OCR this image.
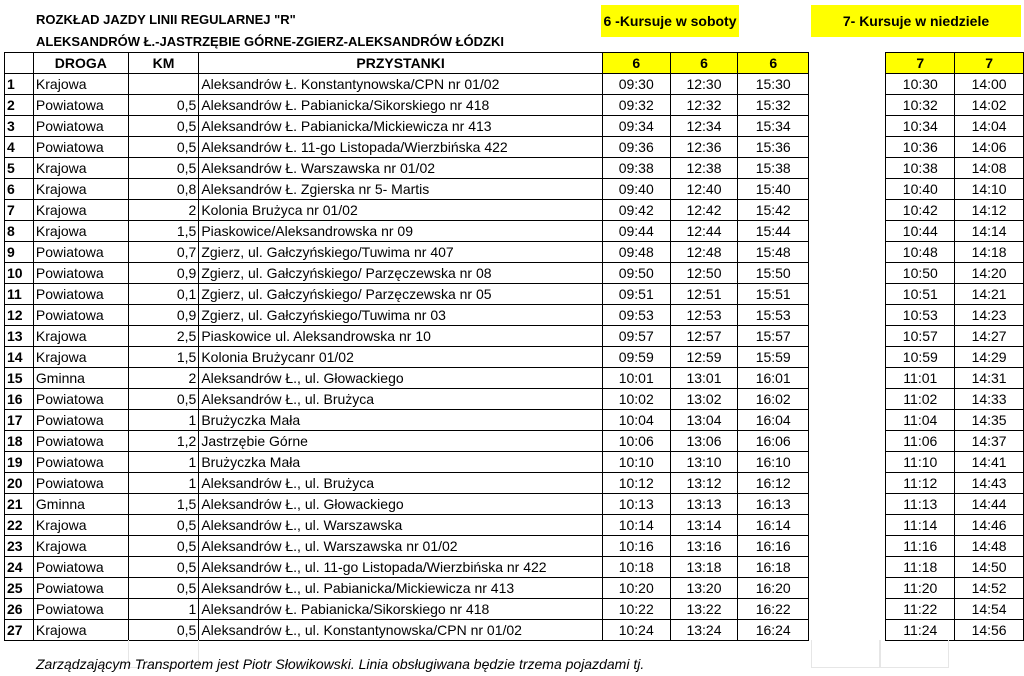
ROZKŁAD JAZDY LINII REGULARNEJ "R"
ALEKSANDRÓW Ł.-JASTRZĘBIE GÓRNE-ZGIERZ-ALEKSANDRÓW ŁÓDZKI
6 -Kursuje w soboty	7- Kursuje w niedziele
	DROGA	KM	PRZYSTANKI	6	6	6		7	7
1	Krajowa		Aleksandrów Ł. Konstantynowska/CPN nr 01/02	09:30	12:30	15:30		10:30	14:00
2	Powiatowa	0,5	Aleksandrów Ł. Pabianicka/Sikorskiego nr 418	09:32	12:32	15:32		10:32	14:02
3	Powiatowa	0,5	Aleksandrów Ł. Pabianicka/Mickiewicza nr 413	09:34	12:34	15:34		10:34	14:04
4	Powiatowa	0,5	Aleksandrów Ł. 11-go Listopada/Wierzbińska 422	09:36	12:36	15:36		10:36	14:06
5	Krajowa	0,5	Aleksandrów Ł. Warszawska nr 01/02	09:38	12:38	15:38		10:38	14:08
6	Krajowa	0,8	Aleksandrów Ł. Zgierska nr 5- Martis	09:40	12:40	15:40		10:40	14:10
7	Krajowa	2	Kolonia Brużyca nr 01/02	09:42	12:42	15:42		10:42	14:12
8	Krajowa	1,5	Piaskowice/Aleksandrowska nr 09	09:44	12:44	15:44		10:44	14:14
9	Powiatowa	0,7	Zgierz, ul. Gałczyńskiego/Tuwima nr 407	09:48	12:48	15:48		10:48	14:18
10	Powiatowa	0,9	Zgierz, ul. Gałczyńskiego/ Parzęczewska nr 08	09:50	12:50	15:50		10:50	14:20
11	Powiatowa	0,1	Zgierz, ul. Gałczyńskiego/ Parzęczewska nr 05	09:51	12:51	15:51		10:51	14:21
12	Powiatowa	0,9	Zgierz, ul. Gałczyńskiego/Tuwima nr 03	09:53	12:53	15:53		10:53	14:23
13	Krajowa	2,5	Piaskowice ul. Aleksandrowska nr 10	09:57	12:57	15:57		10:57	14:27
14	Krajowa	1,5	Kolonia Brużycanr 01/02	09:59	12:59	15:59		10:59	14:29
15	Gminna	2	Aleksandrów Ł., ul. Głowackiego	10:01	13:01	16:01		11:01	14:31
16	Powiatowa	0,5	Aleksandrów Ł., ul. Brużyca	10:02	13:02	16:02		11:02	14:33
17	Powiatowa	1	Brużyczka Mała	10:04	13:04	16:04		11:04	14:35
18	Powiatowa	1,2	Jastrzębie Górne	10:06	13:06	16:06		11:06	14:37
19	Powiatowa	1	Brużyczka Mała	10:10	13:10	16:10		11:10	14:41
20	Powiatowa	1	Aleksandrów Ł., ul. Brużyca	10:12	13:12	16:12		11:12	14:43
21	Gminna	1,5	Aleksandrów Ł., ul. Głowackiego	10:13	13:13	16:13		11:13	14:44
22	Krajowa	0,5	Aleksandrów Ł., ul. Warszawska	10:14	13:14	16:14		11:14	14:46
23	Krajowa	0,5	Aleksandrów Ł., ul. Warszawska nr 01/02	10:16	13:16	16:16		11:16	14:48
24	Powiatowa	0,5	Aleksandrów Ł., ul. 11-go Listopada/Wierzbińska nr 422	10:18	13:18	16:18		11:18	14:50
25	Powiatowa	0,5	Aleksandrów Ł., ul. Pabianicka/Mickiewicza nr 413	10:20	13:20	16:20		11:20	14:52
26	Powiatowa	1	Aleksandrów Ł. Pabianicka/Sikorskiego nr 418	10:22	13:22	16:22		11:22	14:54
27	Krajowa	0,5	Aleksandrów Ł., ul. Konstantynowska/CPN nr 01/02	10:24	13:24	16:24		11:24	14:56
Zarządzającym Transportem jest Piotr Słowikowski. Linia obsługiwana będzie trzema pojazdami tj.
